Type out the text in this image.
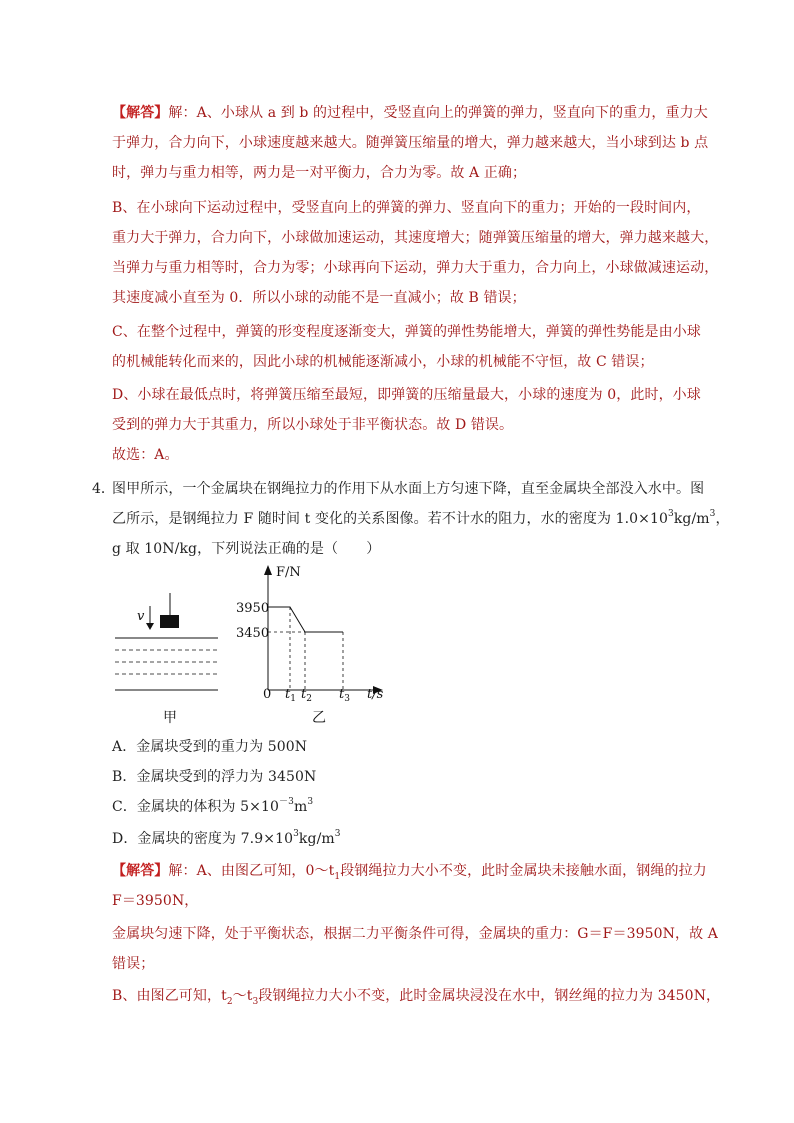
【解答】解：A、小球从 a 到 b 的过程中，受竖直向上的弹簧的弹力，竖直向下的重力，重力大
于弹力，合力向下，小球速度越来越大。随弹簧压缩量的增大，弹力越来越大，当小球到达 b 点
时，弹力与重力相等，两力是一对平衡力，合力为零。故 A 正确；
B、在小球向下运动过程中，受竖直向上的弹簧的弹力、竖直向下的重力；开始的一段时间内，
重力大于弹力，合力向下，小球做加速运动，其速度增大；随弹簧压缩量的增大，弹力越来越大，
当弹力与重力相等时，合力为零；小球再向下运动，弹力大于重力，合力向上，小球做减速运动，
其速度减小直至为 0．所以小球的动能不是一直减小；故 B 错误；
C、在整个过程中，弹簧的形变程度逐渐变大，弹簧的弹性势能增大，弹簧的弹性势能是由小球
的机械能转化而来的，因此小球的机械能逐渐减小，小球的机械能不守恒，故 C 错误；
D、小球在最低点时，将弹簧压缩至最短，即弹簧的压缩量最大，小球的速度为 0，此时，小球
受到的弹力大于其重力，所以小球处于非平衡状态。故 D 错误。
故选：A。
4．
图甲所示，一个金属块在钢绳拉力的作用下从水面上方匀速下降，直至金属块全部没入水中。图
乙所示，是钢绳拉力 F 随时间 t 变化的关系图像。若不计水的阻力，水的密度为 $1.0\times 10^3kg/m^3$，
g 取 10N/kg，下列说法正确的是（　　）
v
甲
F/N
t/s
3950
3450
0 $t_1$ $t_2$ $t_3$
乙
A．金属块受到的重力为 500N
B．金属块受到的浮力为 3450N
C．金属块的体积为 $5\times 10^{-3}m^3$
D．金属块的密度为 $7.9\times 10^3kg/m^3$
【解答】解：A、由图乙可知，$0\sim t_1$段钢绳拉力大小不变，此时金属块未接触水面，钢绳的拉力
F＝3950N，
金属块匀速下降，处于平衡状态，根据二力平衡条件可得，金属块的重力：G＝F＝3950N，故 A
错误；
B、由图乙可知，$t_2\sim t_3$段钢绳拉力大小不变，此时金属块浸没在水中，钢丝绳的拉力为 3450N，
